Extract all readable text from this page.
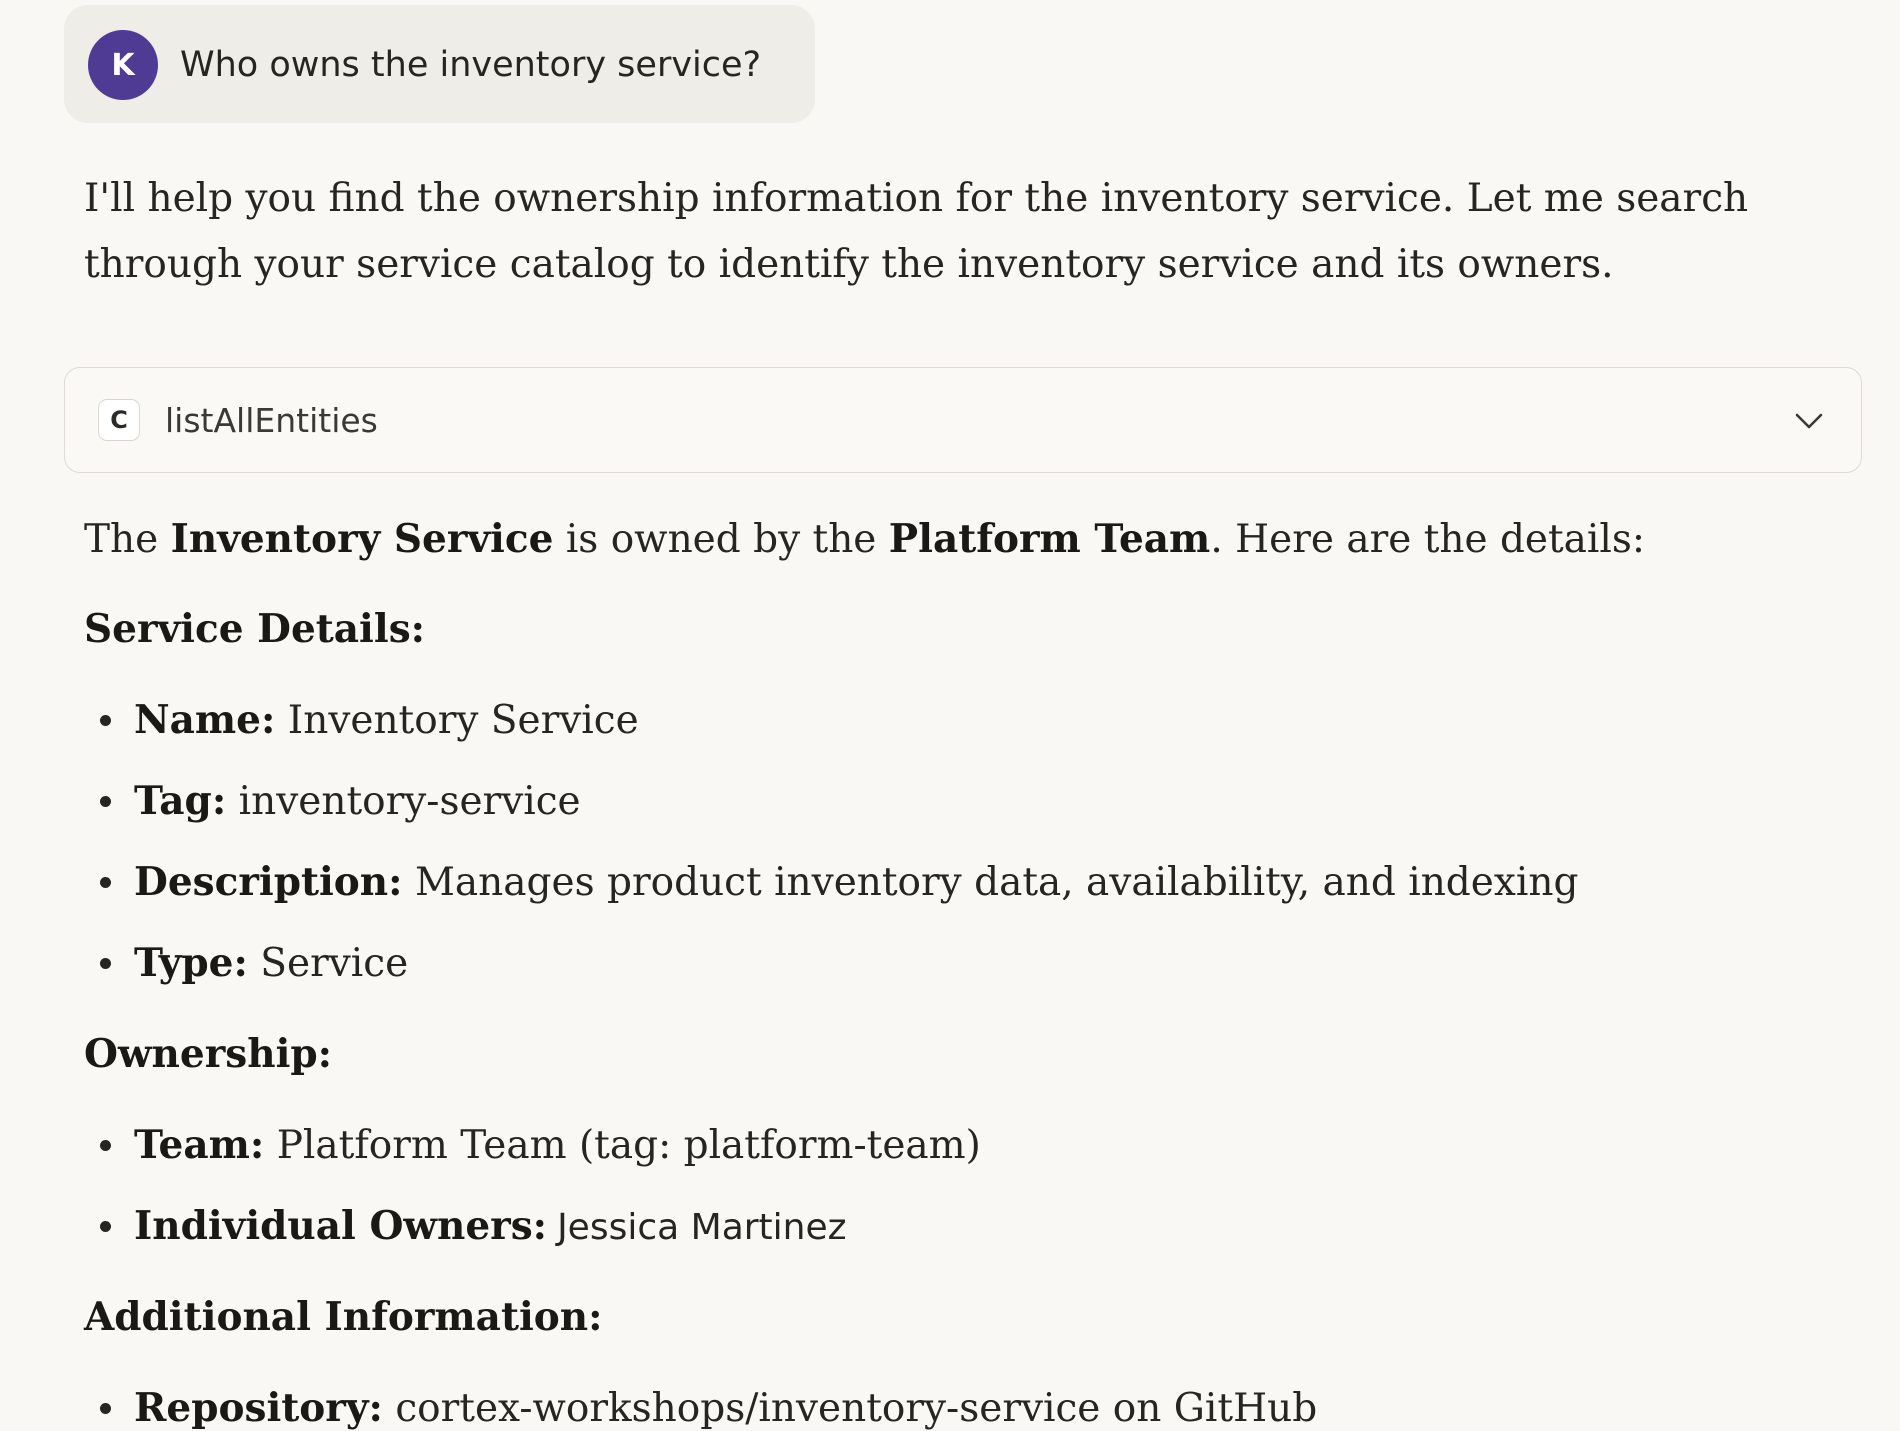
K	Who owns the inventory service?
I'll help you find the ownership information for the inventory service. Let me search through your service catalog to identify the inventory service and its owners.
C	listAllEntities
The Inventory Service is owned by the Platform Team. Here are the details:
Service Details:
Name: Inventory Service
Tag: inventory-service
Description: Manages product inventory data, availability, and indexing
Type: Service
Ownership:
Team: Platform Team (tag: platform-team)
Individual Owners: Jessica Martinez
Additional Information:
Repository: cortex-workshops/inventory-service on GitHub
